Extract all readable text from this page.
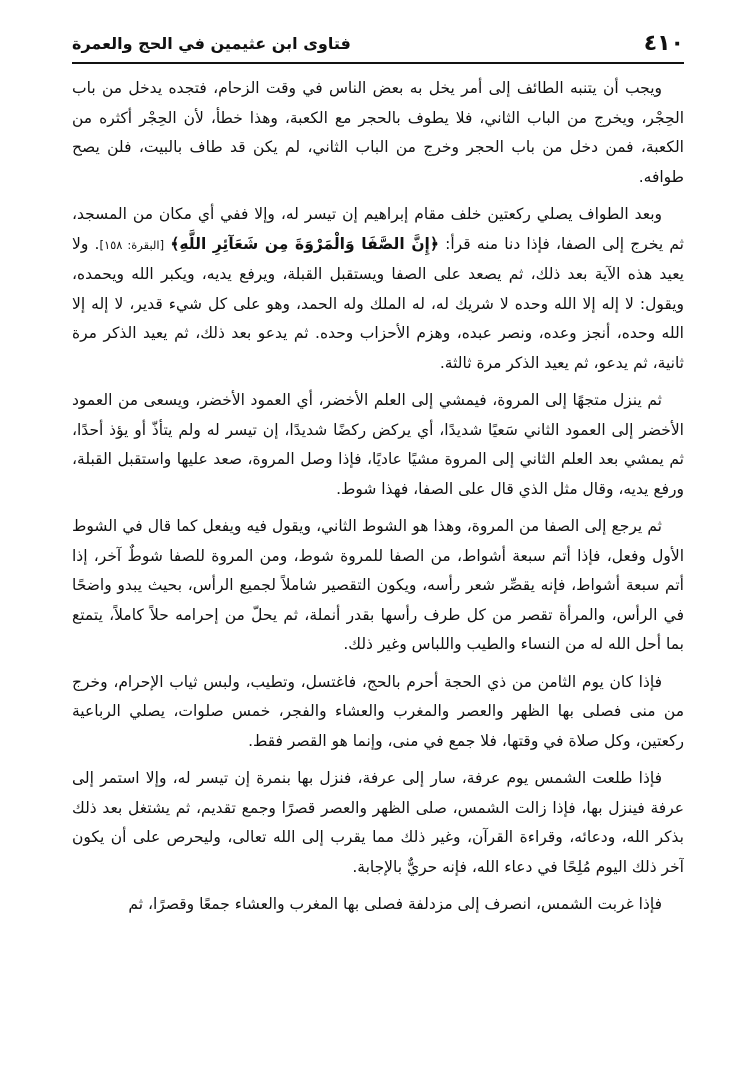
٤١٠
فتاوى ابن عثيمين في الحج والعمرة

ويجب أن يتنبه الطائف إلى أمر يخل به بعض الناس في وقت الزحام، فتجده يدخل من باب الحِجْر، ويخرج من الباب الثاني، فلا يطوف بالحجر مع الكعبة، وهذا خطأ، لأن الحِجْر أكثره من الكعبة، فمن دخل من باب الحجر وخرج من الباب الثاني، لم يكن قد طاف بالبيت، فلن يصح طوافه.

وبعد الطواف يصلي ركعتين خلف مقام إبراهيم إن تيسر له، وإلا ففي أي مكان من المسجد، ثم يخرج إلى الصفا، فإذا دنا منه قرأ: ﴿إِنَّ الصَّفَا وَالْمَرْوَةَ مِن شَعَآئِرِ اللَّهِ﴾ [البقرة: ١٥٨]. ولا يعيد هذه الآية بعد ذلك، ثم يصعد على الصفا ويستقبل القبلة، ويرفع يديه، ويكبر الله ويحمده، ويقول: لا إله إلا الله وحده لا شريك له، له الملك وله الحمد، وهو على كل شيء قدير، لا إله إلا الله وحده، أنجز وعده، ونصر عبده، وهزم الأحزاب وحده. ثم يدعو بعد ذلك، ثم يعيد الذكر مرة ثانية، ثم يدعو، ثم يعيد الذكر مرة ثالثة.

ثم ينزل متجهًا إلى المروة، فيمشي إلى العلم الأخضر، أي العمود الأخضر، ويسعى من العمود الأخضر إلى العمود الثاني سَعيًا شديدًا، أي يركض ركضًا شديدًا، إن تيسر له ولم يتأذّ أو يؤذ أحدًا، ثم يمشي بعد العلم الثاني إلى المروة مشيًا عاديًا، فإذا وصل المروة، صعد عليها واستقبل القبلة، ورفع يديه، وقال مثل الذي قال على الصفا، فهذا شوط.

ثم يرجع إلى الصفا من المروة، وهذا هو الشوط الثاني، ويقول فيه ويفعل كما قال في الشوط الأول وفعل، فإذا أتم سبعة أشواط، من الصفا للمروة شوط، ومن المروة للصفا شوطٌ آخر، إذا أتم سبعة أشواط، فإنه يقصِّر شعر رأسه، ويكون التقصير شاملاً لجميع الرأس، بحيث يبدو واضحًا في الرأس، والمرأة تقصر من كل طرف رأسها بقدر أنملة، ثم يحلّ من إحرامه حلاً كاملاً، يتمتع بما أحل الله له من النساء والطيب واللباس وغير ذلك.

فإذا كان يوم الثامن من ذي الحجة أحرم بالحج، فاغتسل، وتطيب، ولبس ثياب الإحرام، وخرج من منى فصلى بها الظهر والعصر والمغرب والعشاء والفجر، خمس صلوات، يصلي الرباعية ركعتين، وكل صلاة في وقتها، فلا جمع في منى، وإنما هو القصر فقط.

فإذا طلعت الشمس يوم عرفة، سار إلى عرفة، فنزل بها بنمرة إن تيسر له، وإلا استمر إلى عرفة فينزل بها، فإذا زالت الشمس، صلى الظهر والعصر قصرًا وجمع تقديم، ثم يشتغل بعد ذلك بذكر الله، ودعائه، وقراءة القرآن، وغير ذلك مما يقرب إلى الله تعالى، وليحرص على أن يكون آخر ذلك اليوم مُلِحًا في دعاء الله، فإنه حريٌّ بالإجابة.

فإذا غربت الشمس، انصرف إلى مزدلفة فصلى بها المغرب والعشاء جمعًا وقصرًا، ثم
